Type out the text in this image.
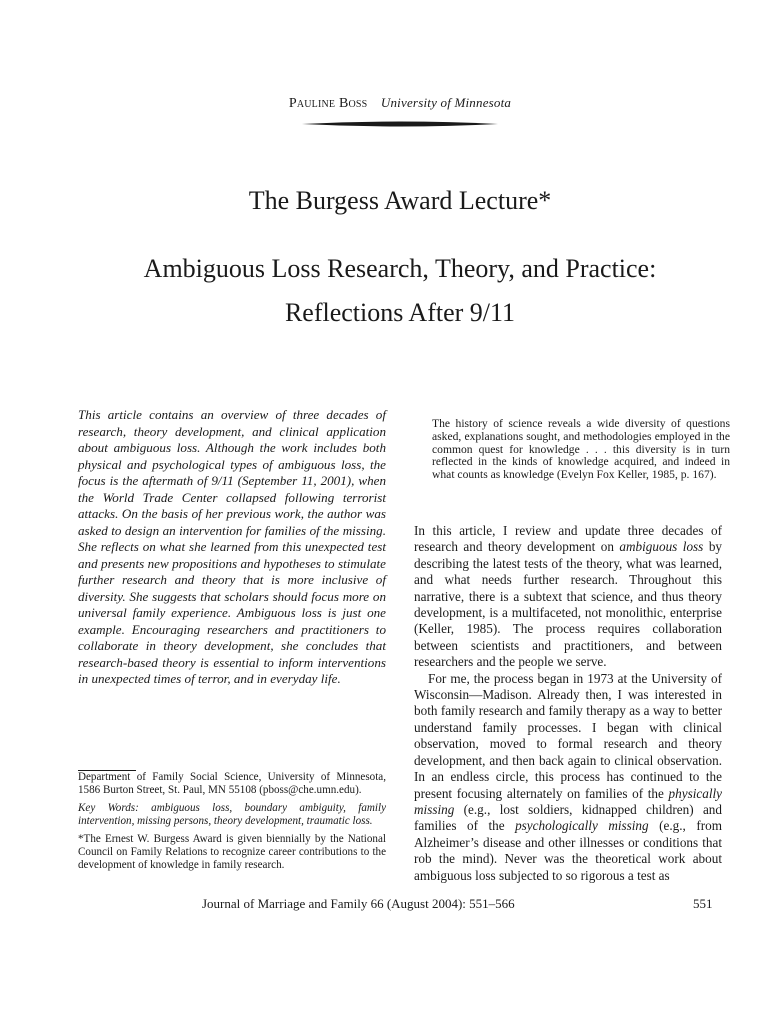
Pauline Boss University of Minnesota
The Burgess Award Lecture*
Ambiguous Loss Research, Theory, and Practice:
Reflections After 9/11

This article contains an overview of three decades of research, theory development, and clinical application about ambiguous loss. Although the work includes both physical and psychological types of ambiguous loss, the focus is the aftermath of 9/11 (September 11, 2001), when the World Trade Center collapsed following terrorist attacks. On the basis of her previous work, the author was asked to design an intervention for families of the missing. She reflects on what she learned from this unexpected test and presents new propositions and hypotheses to stimulate further research and theory that is more inclusive of diversity. She suggests that scholars should focus more on universal family experience. Ambiguous loss is just one example. Encouraging researchers and practitioners to collaborate in theory development, she concludes that research-based theory is essential to inform interventions in unexpected times of terror, and in everyday life.

The history of science reveals a wide diversity of questions asked, explanations sought, and methodologies employed in the common quest for knowledge . . . this diversity is in turn reflected in the kinds of knowledge acquired, and indeed in what counts as knowledge (Evelyn Fox Keller, 1985, p. 167).

In this article, I review and update three decades of research and theory development on ambiguous loss by describing the latest tests of the theory, what was learned, and what needs further research. Throughout this narrative, there is a subtext that science, and thus theory development, is a multifaceted, not monolithic, enterprise (Keller, 1985). The process requires collaboration between scientists and practitioners, and between researchers and the people we serve.

For me, the process began in 1973 at the University of Wisconsin—Madison. Already then, I was interested in both family research and family therapy as a way to better understand family processes. I began with clinical observation, moved to formal research and theory development, and then back again to clinical observation. In an endless circle, this process has continued to the present focusing alternately on families of the physically missing (e.g., lost soldiers, kidnapped children) and families of the psychologically missing (e.g., from Alzheimer’s disease and other illnesses or conditions that rob the mind). Never was the theoretical work about ambiguous loss subjected to so rigorous a test as

Department of Family Social Science, University of Minnesota, 1586 Burton Street, St. Paul, MN 55108 (pboss@che.umn.edu).

Key Words: ambiguous loss, boundary ambiguity, family intervention, missing persons, theory development, traumatic loss.

*The Ernest W. Burgess Award is given biennially by the National Council on Family Relations to recognize career contributions to the development of knowledge in family research.

Journal of Marriage and Family 66 (August 2004): 551–566	551
